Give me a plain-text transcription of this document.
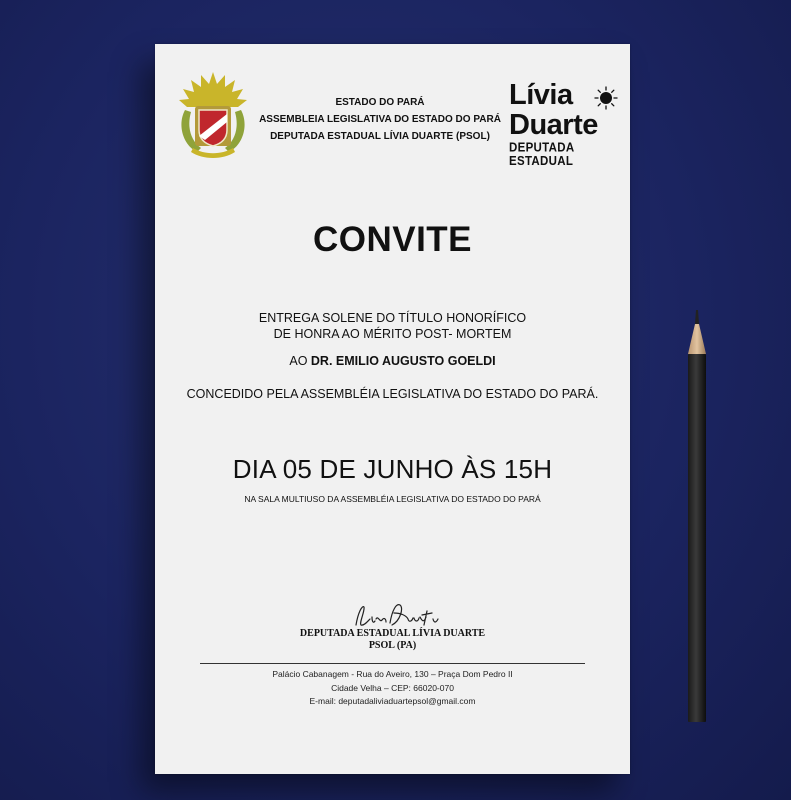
ESTADO DO PARÁ
ASSEMBLEIA LEGISLATIVA DO ESTADO DO PARÁ
DEPUTADA ESTADUAL LÍVIA DUARTE (PSOL)
Lívia
Duarte
DEPUTADA ESTADUAL
CONVITE
ENTREGA SOLENE DO TÍTULO HONORÍFICO
DE HONRA AO MÉRITO POST- MORTEM
AO DR. EMILIO AUGUSTO GOELDI
CONCEDIDO PELA ASSEMBLÉIA LEGISLATIVA DO ESTADO DO PARÁ.
DIA 05 DE JUNHO ÀS 15H
NA SALA MULTIUSO DA ASSEMBLÉIA LEGISLATIVA DO ESTADO DO PARÁ
DEPUTADA ESTADUAL LÍVIA DUARTE
PSOL (PA)
Palácio Cabanagem - Rua do Aveiro, 130 – Praça Dom Pedro II
Cidade Velha – CEP: 66020-070
E-mail: deputadaliviaduartepsol@gmail.com
